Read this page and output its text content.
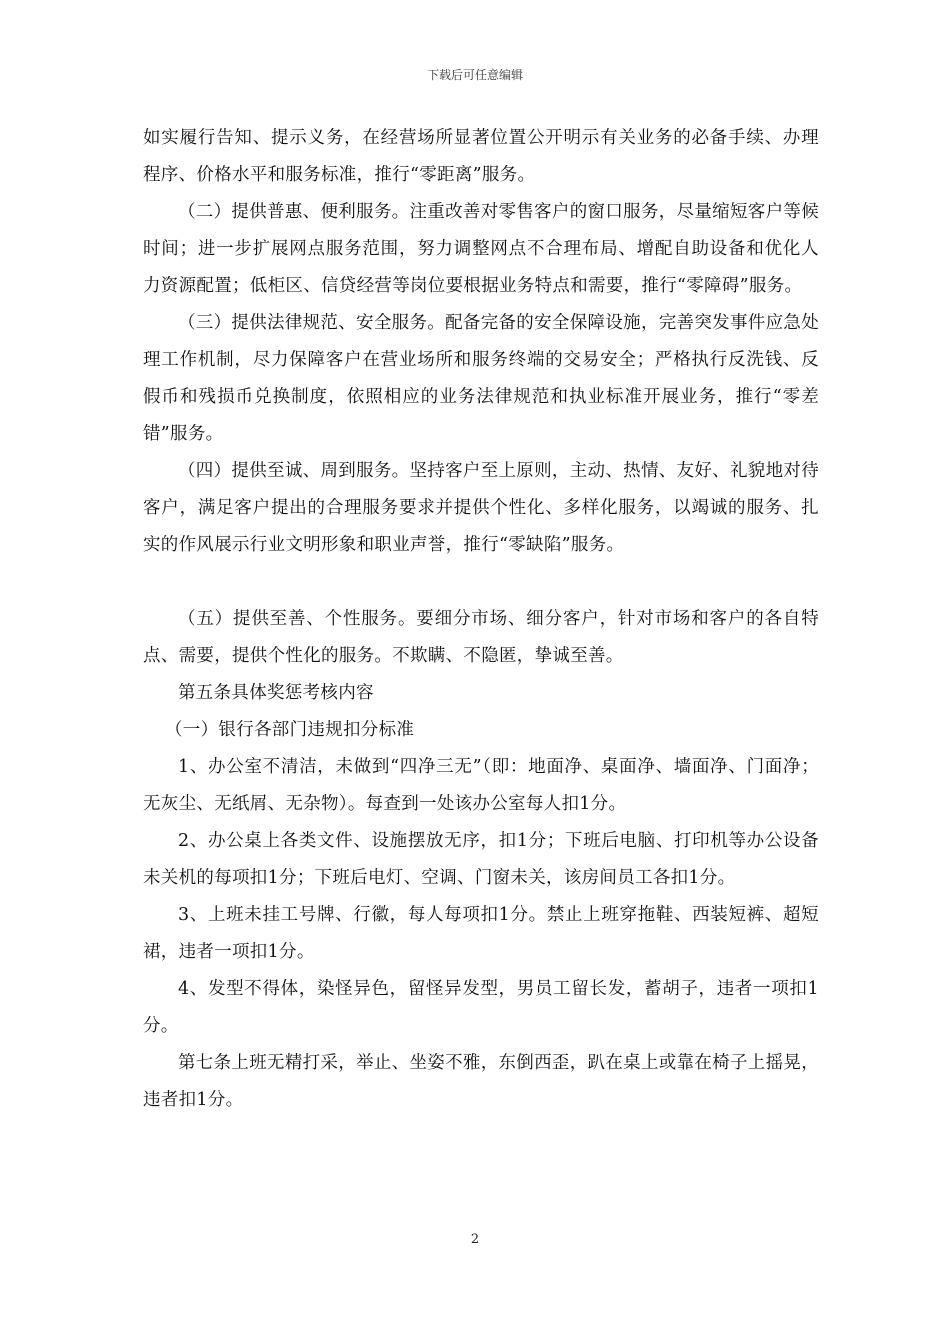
下载后可任意编辑

如实履行告知、提示义务，在经营场所显著位置公开明示有关业务的必备手续、办理程序、价格水平和服务标准，推行“零距离”服务。

（二）提供普惠、便利服务。注重改善对零售客户的窗口服务，尽量缩短客户等候时间；进一步扩展网点服务范围，努力调整网点不合理布局、增配自助设备和优化人力资源配置；低柜区、信贷经营等岗位要根据业务特点和需要，推行“零障碍”服务。

（三）提供法律规范、安全服务。配备完备的安全保障设施，完善突发事件应急处理工作机制，尽力保障客户在营业场所和服务终端的交易安全；严格执行反洗钱、反假币和残损币兑换制度，依照相应的业务法律规范和执业标准开展业务，推行“零差错”服务。

（四）提供至诚、周到服务。坚持客户至上原则，主动、热情、友好、礼貌地对待客户，满足客户提出的合理服务要求并提供个性化、多样化服务，以竭诚的服务、扎实的作风展示行业文明形象和职业声誉，推行“零缺陷”服务。

（五）提供至善、个性服务。要细分市场、细分客户，针对市场和客户的各自特点、需要，提供个性化的服务。不欺瞒、不隐匿，挚诚至善。

第五条具体奖惩考核内容

（一）银行各部门违规扣分标准

1、办公室不清洁，未做到“四净三无”（即：地面净、桌面净、墙面净、门面净；无灰尘、无纸屑、无杂物）。每查到一处该办公室每人扣1分。

2、办公桌上各类文件、设施摆放无序，扣1分；下班后电脑、打印机等办公设备未关机的每项扣1分；下班后电灯、空调、门窗未关，该房间员工各扣1分。

3、上班未挂工号牌、行徽，每人每项扣1分。禁止上班穿拖鞋、西装短裤、超短裙，违者一项扣1分。

4、发型不得体，染怪异色，留怪异发型，男员工留长发，蓄胡子，违者一项扣1分。

第七条上班无精打采，举止、坐姿不雅，东倒西歪，趴在桌上或靠在椅子上摇晃，违者扣1分。

2
